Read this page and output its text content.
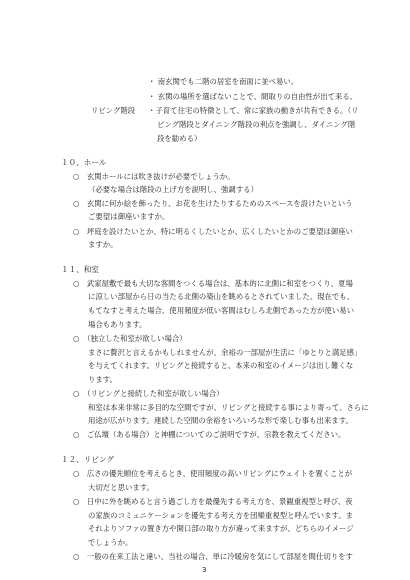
・ 南玄関でも二階の居室を南面に並べ易い。
・ 玄関の場所を選ばないことで、間取りの自由性が出て来る。
リビング階段 ・子育て住宅の特徴として、常に家族の動きが共有できる。（リ
ビング階段とダイニング階段の利点を強調し、ダイニング階
段を勧める）
１０、ホール
○　玄関ホールには吹き抜けが必要でしょうか。
（必要な場合は階段の上げ方を説明し、強調する）
○　玄関に何か絵を飾ったり、お花を生けたりするためのスペースを設けたいという
ご要望は御座いますか。
○　坪庭を設けたいとか、特に明るくしたいとか、広くしたいとかのご要望は御座い
ますか。
１１、和室
○　武家屋敷で最も大切な客間をつくる場合は、基本的に北側に和室をつくり、夏場
に涼しい部屋から日の当たる北側の築山を眺めるとされていました。現在でも、
もてなすと考えた場合、使用頻度が低い客間はむしろ北側であった方が使い易い
場合もあります。
○　（独立した和室が欲しい場合）
まさに贅沢と言えるかもしれませんが、余裕の一部屋が生活に「ゆとりと満足感」
を与えてくれます。リビングと接続すると、本来の和室のイメージは出し難くな
ります。
○　（リビングと接続した和室が欲しい場合）
和室は本来非常に多目的な空間ですが、リビングと接続する事により寄って、さらに
用途が広がります。連続した空間の余裕をいろいろな形で楽しむ事も出来ます。
○　ご仏壇（ある場合）と神棚についてのご説明ですが、宗教を教えてください。
１２、リビング
○　広さの優先順位を考えるとき、使用頻度の高いリビングにウェイトを置くことが
大切だと思います。
○　日中に外を眺めると言う過ごし方を最優先する考え方を、景観重視型と呼び、夜
の家族のコミュニケーションを優先する考え方を団欒重視型と呼んでいます。ま
それよりソファの置き方や開口部の取り方が違って来ますが、どちらのイメージ
でしょうか。
○　一般の在来工法と違い、当社の場合、単に冷暖房を気にして部屋を間仕切りをす
3
